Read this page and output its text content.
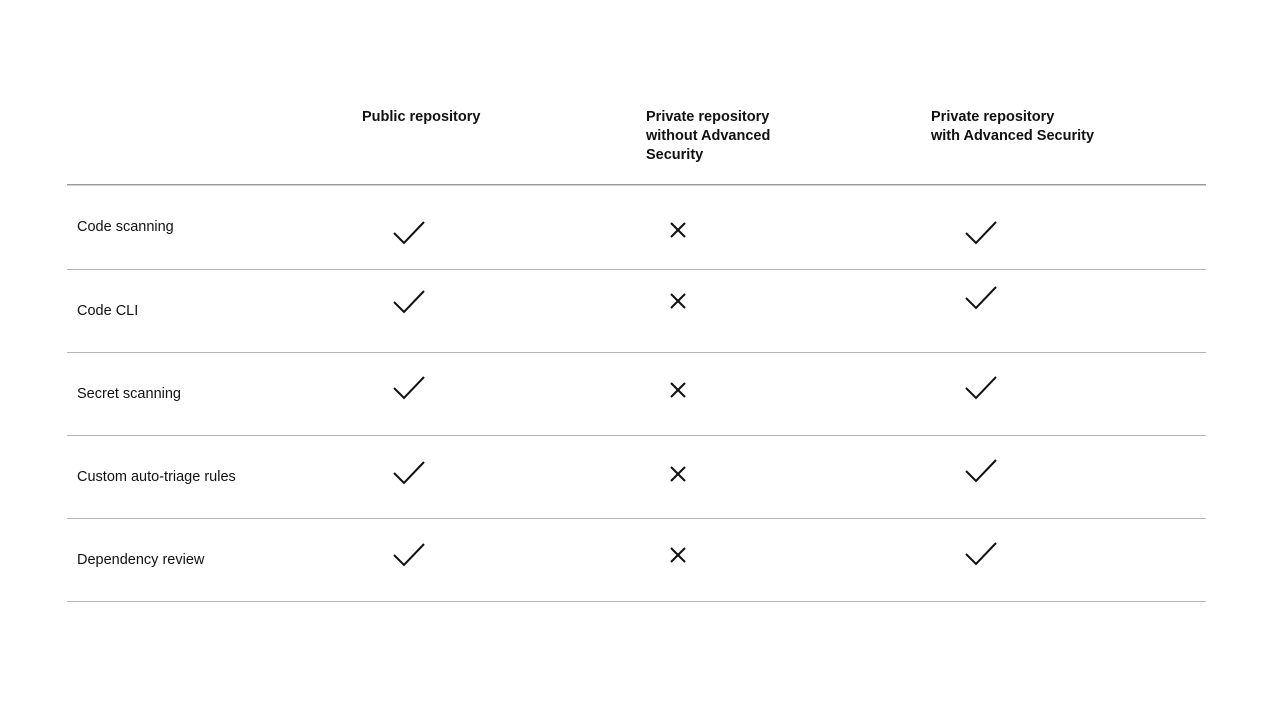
Public repository	Private repository
without Advanced
Security
Private repository
with Advanced Security
Code scanning
Code CLI
Secret scanning
Custom auto-triage rules
Dependency review
